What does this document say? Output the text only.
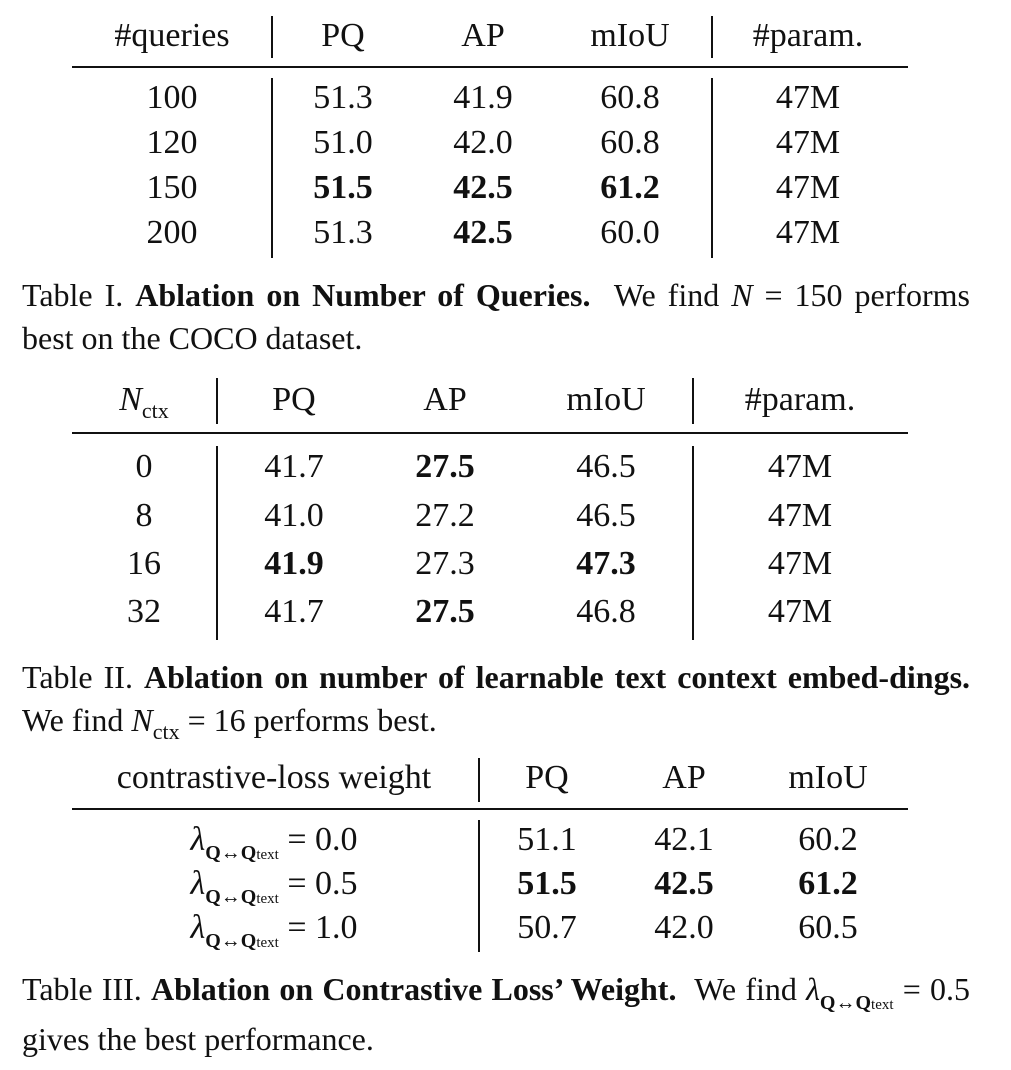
#queries	PQ	AP	mIoU #param.
100	51.3 41.9	60.8	47M
120	51.0 42.0	60.8	47M
150	51.5 42.5	61.2	47M
200	51.3 42.5	60.0	47M
Table I. Ablation on Number of Queries. We find N = 150 performs best on the COCO dataset.
$N_{ctx}$	PQ	AP	mIoU	#param.
0	41.7	27.5	46.5	47M
8	41.0	27.2	46.5	47M
16	41.9	27.3	47.3	47M
32	41.7	27.5	46.8	47M
Table II. Ablation on number of learnable text context embed-dings. We find $N_{ctx} = 16$ performs best.
contrastive-loss weight	PQ	AP mIoU
$\lambda_{Q\leftrightarrow Qtext} = 0.0$	51.1 42.1 60.2
$\lambda_{Q\leftrightarrow Qtext} = 0.5$	51.5 42.5 61.2
$\lambda_{Q\leftrightarrow Qtext} = 1.0$	50.7 42.0 60.5
Table III. Ablation on Contrastive Loss’ Weight. We find $\lambda_{Q\leftrightarrow Qtext} = 0.5$ gives the best performance.
